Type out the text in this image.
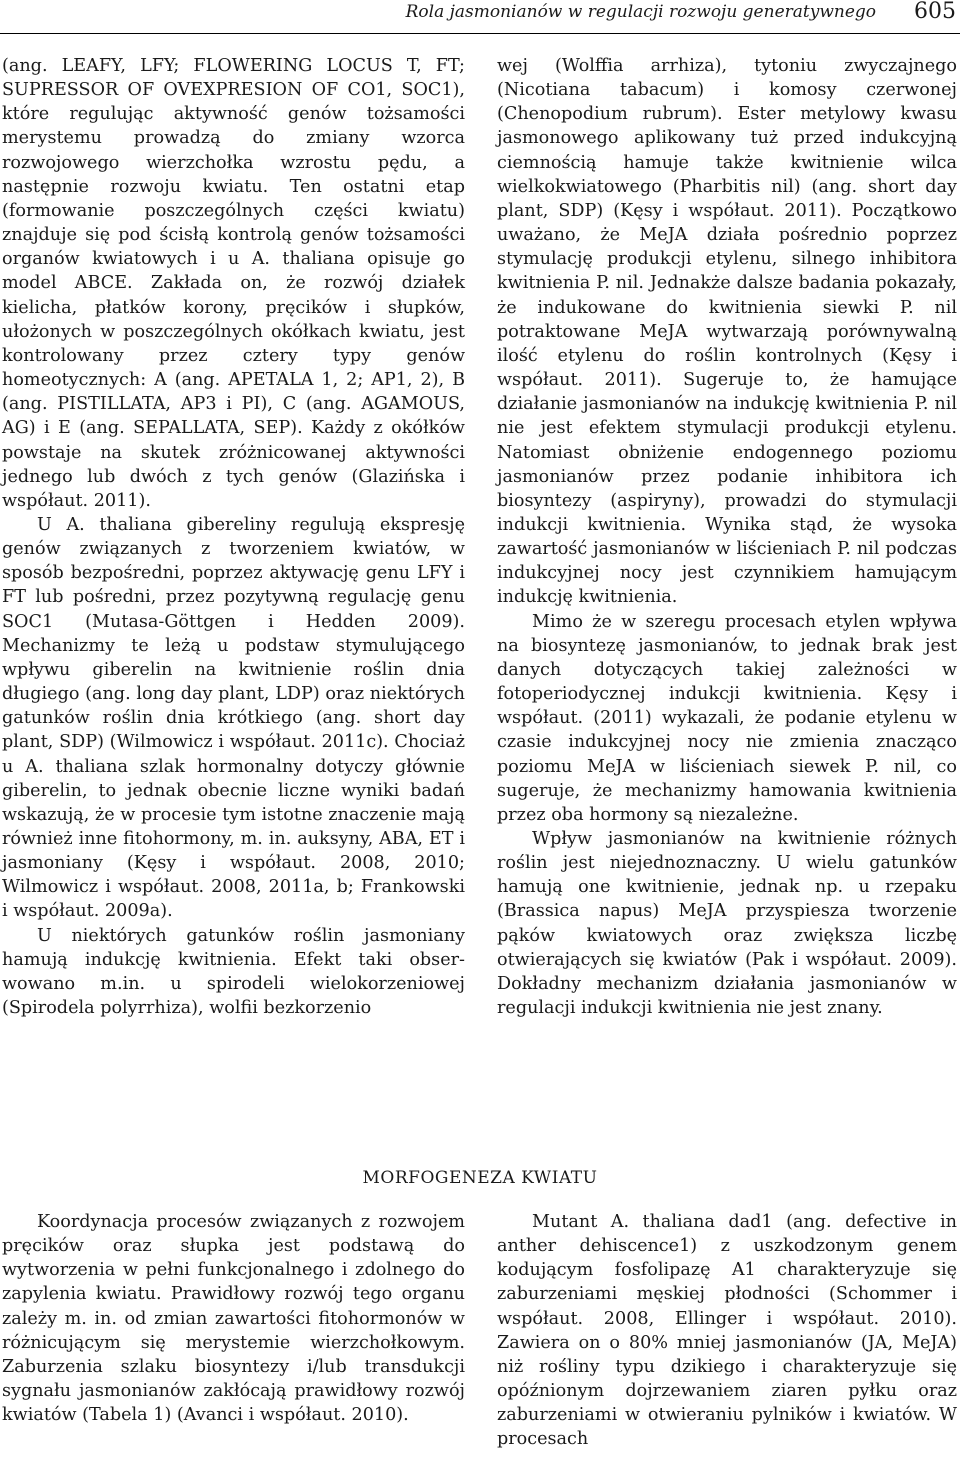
Rola jasmonianów w regulacji rozwoju generatywnego 605

(ang. LEAFY, LFY; FLOWERING LOCUS T, FT; SUPRESSOR OF OVEXPRESION OF CO1, SOC1), które regulując aktywność genów tożsamości merystemu prowadzą do zmiany wzorca rozwojowego wierzchołka wzrostu pędu, a następnie rozwoju kwiatu. Ten ostatni etap (formowanie poszczególnych części kwiatu) znajduje się pod ścisłą kontrolą genów tożsamości organów kwiatowych i u A. thaliana opisuje go model ABCE. Zakłada on, że rozwój działek kielicha, płatków korony, pręcików i słupków, ułożonych w poszczególnych okółkach kwiatu, jest kontrolowany przez cztery typy genów homeotycznych: A (ang. APETALA 1, 2; AP1, 2), B (ang. PISTILLATA, AP3 i PI), C (ang. AGAMOUS, AG) i E (ang. SEPALLATA, SEP). Każdy z okółków powstaje na skutek zróżnicowanej aktywności jednego lub dwóch z tych genów (Glazińska i współaut. 2011).

U A. thaliana gibereliny regulują ekspresję genów związanych z tworzeniem kwiatów, w sposób bezpośredni, poprzez aktywację genu LFY i FT lub pośredni, przez pozytywną regulację genu SOC1 (Mutasa-Göttgen i Hedden 2009). Mechanizmy te leżą u podstaw stymulującego wpływu giberelin na kwitnienie roślin dnia długiego (ang. long day plant, LDP) oraz niektórych gatunków roślin dnia krótkiego (ang. short day plant, SDP) (Wilmowicz i współaut. 2011c). Chociaż u A. thaliana szlak hormonalny dotyczy głównie giberelin, to jednak obecnie liczne wyniki badań wskazują, że w procesie tym istotne znaczenie mają również inne fitohormony, m. in. auksyny, ABA, ET i jasmoniany (Kęsy i współaut. 2008, 2010; Wilmowicz i współaut. 2008, 2011a, b; Frankowski i współaut. 2009a).

U niektórych gatunków roślin jasmoniany hamują indukcję kwitnienia. Efekt taki obserwowano m.in. u spirodeli wielokorzeniowej (Spirodela polyrrhiza), wolfii bezkorzenio

wej (Wolffia arrhiza), tytoniu zwyczajnego (Nicotiana tabacum) i komosy czerwonej (Chenopodium rubrum). Ester metylowy kwasu jasmonowego aplikowany tuż przed indukcyjną ciemnością hamuje także kwitnienie wilca wielkokwiatowego (Pharbitis nil) (ang. short day plant, SDP) (Kęsy i współaut. 2011). Początkowo uważano, że MeJA działa pośrednio poprzez stymulację produkcji etylenu, silnego inhibitora kwitnienia P. nil. Jednakże dalsze badania pokazały, że indukowane do kwitnienia siewki P. nil potraktowane MeJA wytwarzają porównywalną ilość etylenu do roślin kontrolnych (Kęsy i współaut. 2011). Sugeruje to, że hamujące działanie jasmonianów na indukcję kwitnienia P. nil nie jest efektem stymulacji produkcji etylenu. Natomiast obniżenie endogennego poziomu jasmonianów przez podanie inhibitora ich biosyntezy (aspiryny), prowadzi do stymulacji indukcji kwitnienia. Wynika stąd, że wysoka zawartość jasmonianów w liścieniach P. nil podczas indukcyjnej nocy jest czynnikiem hamującym indukcję kwitnienia.

Mimo że w szeregu procesach etylen wpływa na biosyntezę jasmonianów, to jednak brak jest danych dotyczących takiej zależności w fotoperiodycznej indukcji kwitnienia. Kęsy i współaut. (2011) wykazali, że podanie etylenu w czasie indukcyjnej nocy nie zmienia znacząco poziomu MeJA w liścieniach siewek P. nil, co sugeruje, że mechanizmy hamowania kwitnienia przez oba hormony są niezależne.

Wpływ jasmonianów na kwitnienie różnych roślin jest niejednoznaczny. U wielu gatunków hamują one kwitnienie, jednak np. u rzepaku (Brassica napus) MeJA przyspiesza tworzenie pąków kwiatowych oraz zwiększa liczbę otwierających się kwiatów (Pak i współaut. 2009). Dokładny mechanizm działania jasmonianów w regulacji indukcji kwitnienia nie jest znany.

MORFOGENEZA KWIATU

Koordynacja procesów związanych z rozwojem pręcików oraz słupka jest podstawą do wytworzenia w pełni funkcjonalnego i zdolnego do zapylenia kwiatu. Prawidłowy rozwój tego organu zależy m. in. od zmian zawartości fitohormonów w różnicującym się merystemie wierzchołkowym. Zaburzenia szlaku biosyntezy i/lub transdukcji sygnału jasmonianów zakłócają prawidłowy rozwój kwiatów (Tabela 1) (Avanci i współaut. 2010).

Mutant A. thaliana dad1 (ang. defective in anther dehiscence1) z uszkodzonym genem kodującym fosfolipazę A1 charakteryzuje się zaburzeniami męskiej płodności (Schommer i współaut. 2008, Ellinger i współaut. 2010). Zawiera on o 80% mniej jasmonianów (JA, MeJA) niż rośliny typu dzikiego i charakteryzuje się opóźnionym dojrzewaniem ziaren pyłku oraz zaburzeniami w otwieraniu pylników i kwiatów. W procesach
